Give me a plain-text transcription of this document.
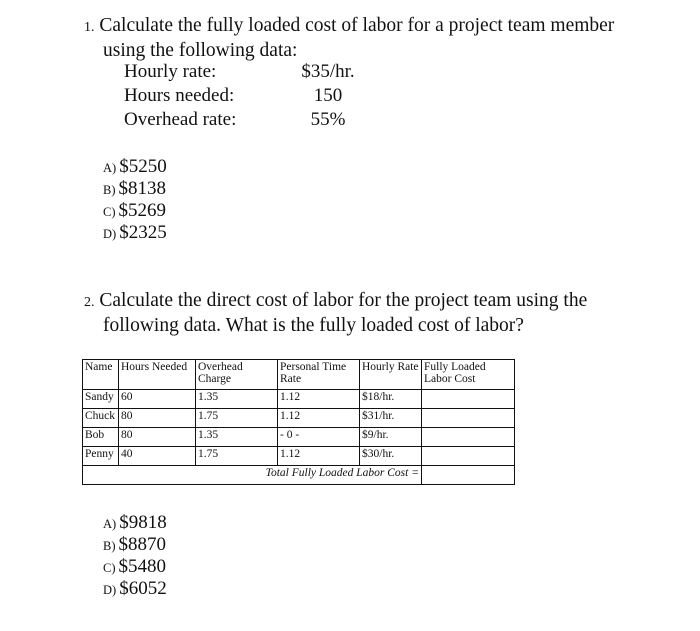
1. Calculate the fully loaded cost of labor for a project team member
using the following data:
Hourly rate:	$35/hr.
Hours needed:	150
Overhead rate:	55%
A) $5250
B) $8138
C) $5269
D) $2325
2. Calculate the direct cost of labor for the project team using the
following data. What is the fully loaded cost of labor?
Name	Hours Needed	Overhead Charge	Personal Time Rate	Hourly Rate	Fully Loaded Labor Cost
Sandy	60	1.35	1.12	$18/hr.	
Chuck	80	1.75	1.12	$31/hr.	
Bob	80	1.35	- 0 -	$9/hr.	
Penny	40	1.75	1.12	$30/hr.	
Total Fully Loaded Labor Cost =					
A) $9818
B) $8870
C) $5480
D) $6052
